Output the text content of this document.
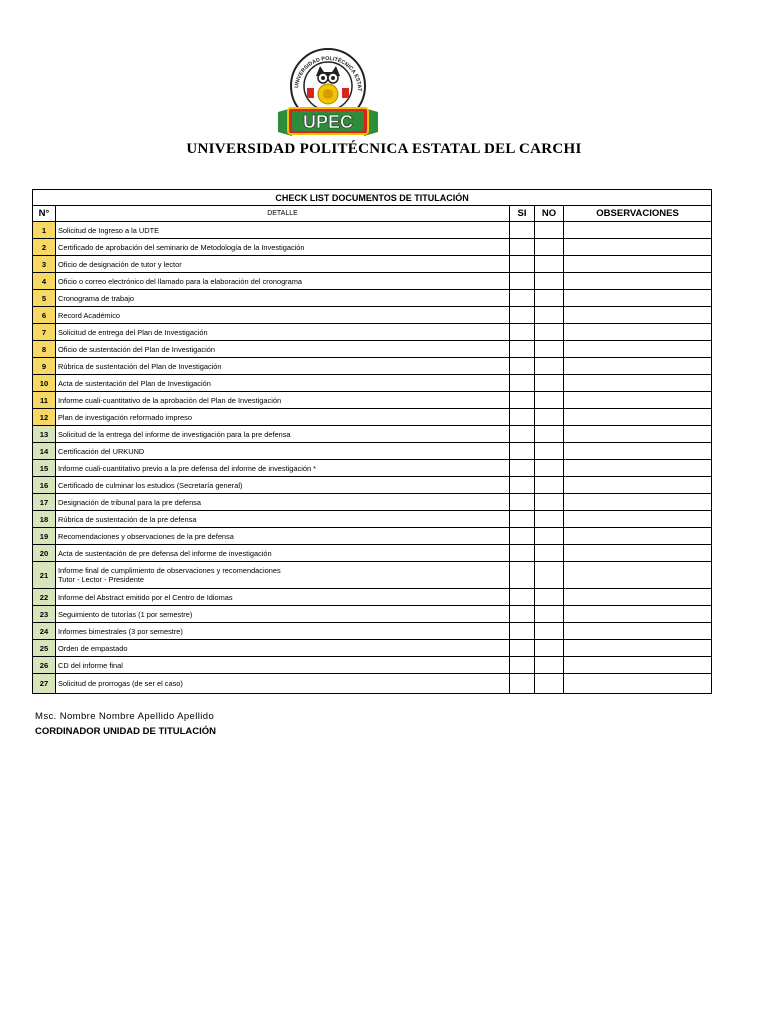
UNIVERSIDAD POLITÉCNICA ESTAT
UPEC
UNIVERSIDAD POLITÉCNICA ESTATAL DEL CARCHI
CHECK LIST DOCUMENTOS DE TITULACIÓN				
N°	DETALLE	SI	NO	OBSERVACIONES
1	Solicitud de Ingreso a la UDTE			

2	Certificado de aprobación del seminario de Metodología de la Investigación			

3	Oficio de designación de tutor y lector			

4	Oficio o correo electrónico del llamado para la elaboración del cronograma			

5	Cronograma de trabajo			

6	Record Académico			

7	Solicitud de entrega del Plan de Investigación			

8	Oficio de sustentación del Plan de Investigación			

9	Rúbrica de sustentación del Plan de Investigación			

10	Acta de sustentación del Plan de Investigación			

11	Informe cuali-cuantitativo de la aprobación del Plan de Investigación			

12	Plan de investigación reformado impreso			

13	Solicitud de la entrega del informe de investigación para la pre defensa			

14	Certificación del URKUND			

15	Informe cuali-cuantitativo previo a la pre defensa del informe de investigación *			

16	Certificado de culminar los estudios (Secretaría general)			

17	Designación de tribunal para la pre defensa			

18	Rúbrica de sustentación de la pre defensa			

19	Recomendaciones y observaciones de la pre defensa			

20	Acta de sustentación de pre defensa del informe de investigación			

21	Informe final de cumplimiento de observaciones y recomendaciones
Tutor - Lector - Presidente			

22	Informe del Abstract emitido por el Centro de Idiomas			

23	Seguimiento de tutorías (1 por semestre)			

24	Informes bimestrales (3 por semestre)			

25	Orden de empastado			

26	CD del informe final			

27	Solicitud de prorrogas (de ser el caso)			

Msc. Nombre Nombre Apellido Apellido
CORDINADOR UNIDAD DE TITULACIÓN
